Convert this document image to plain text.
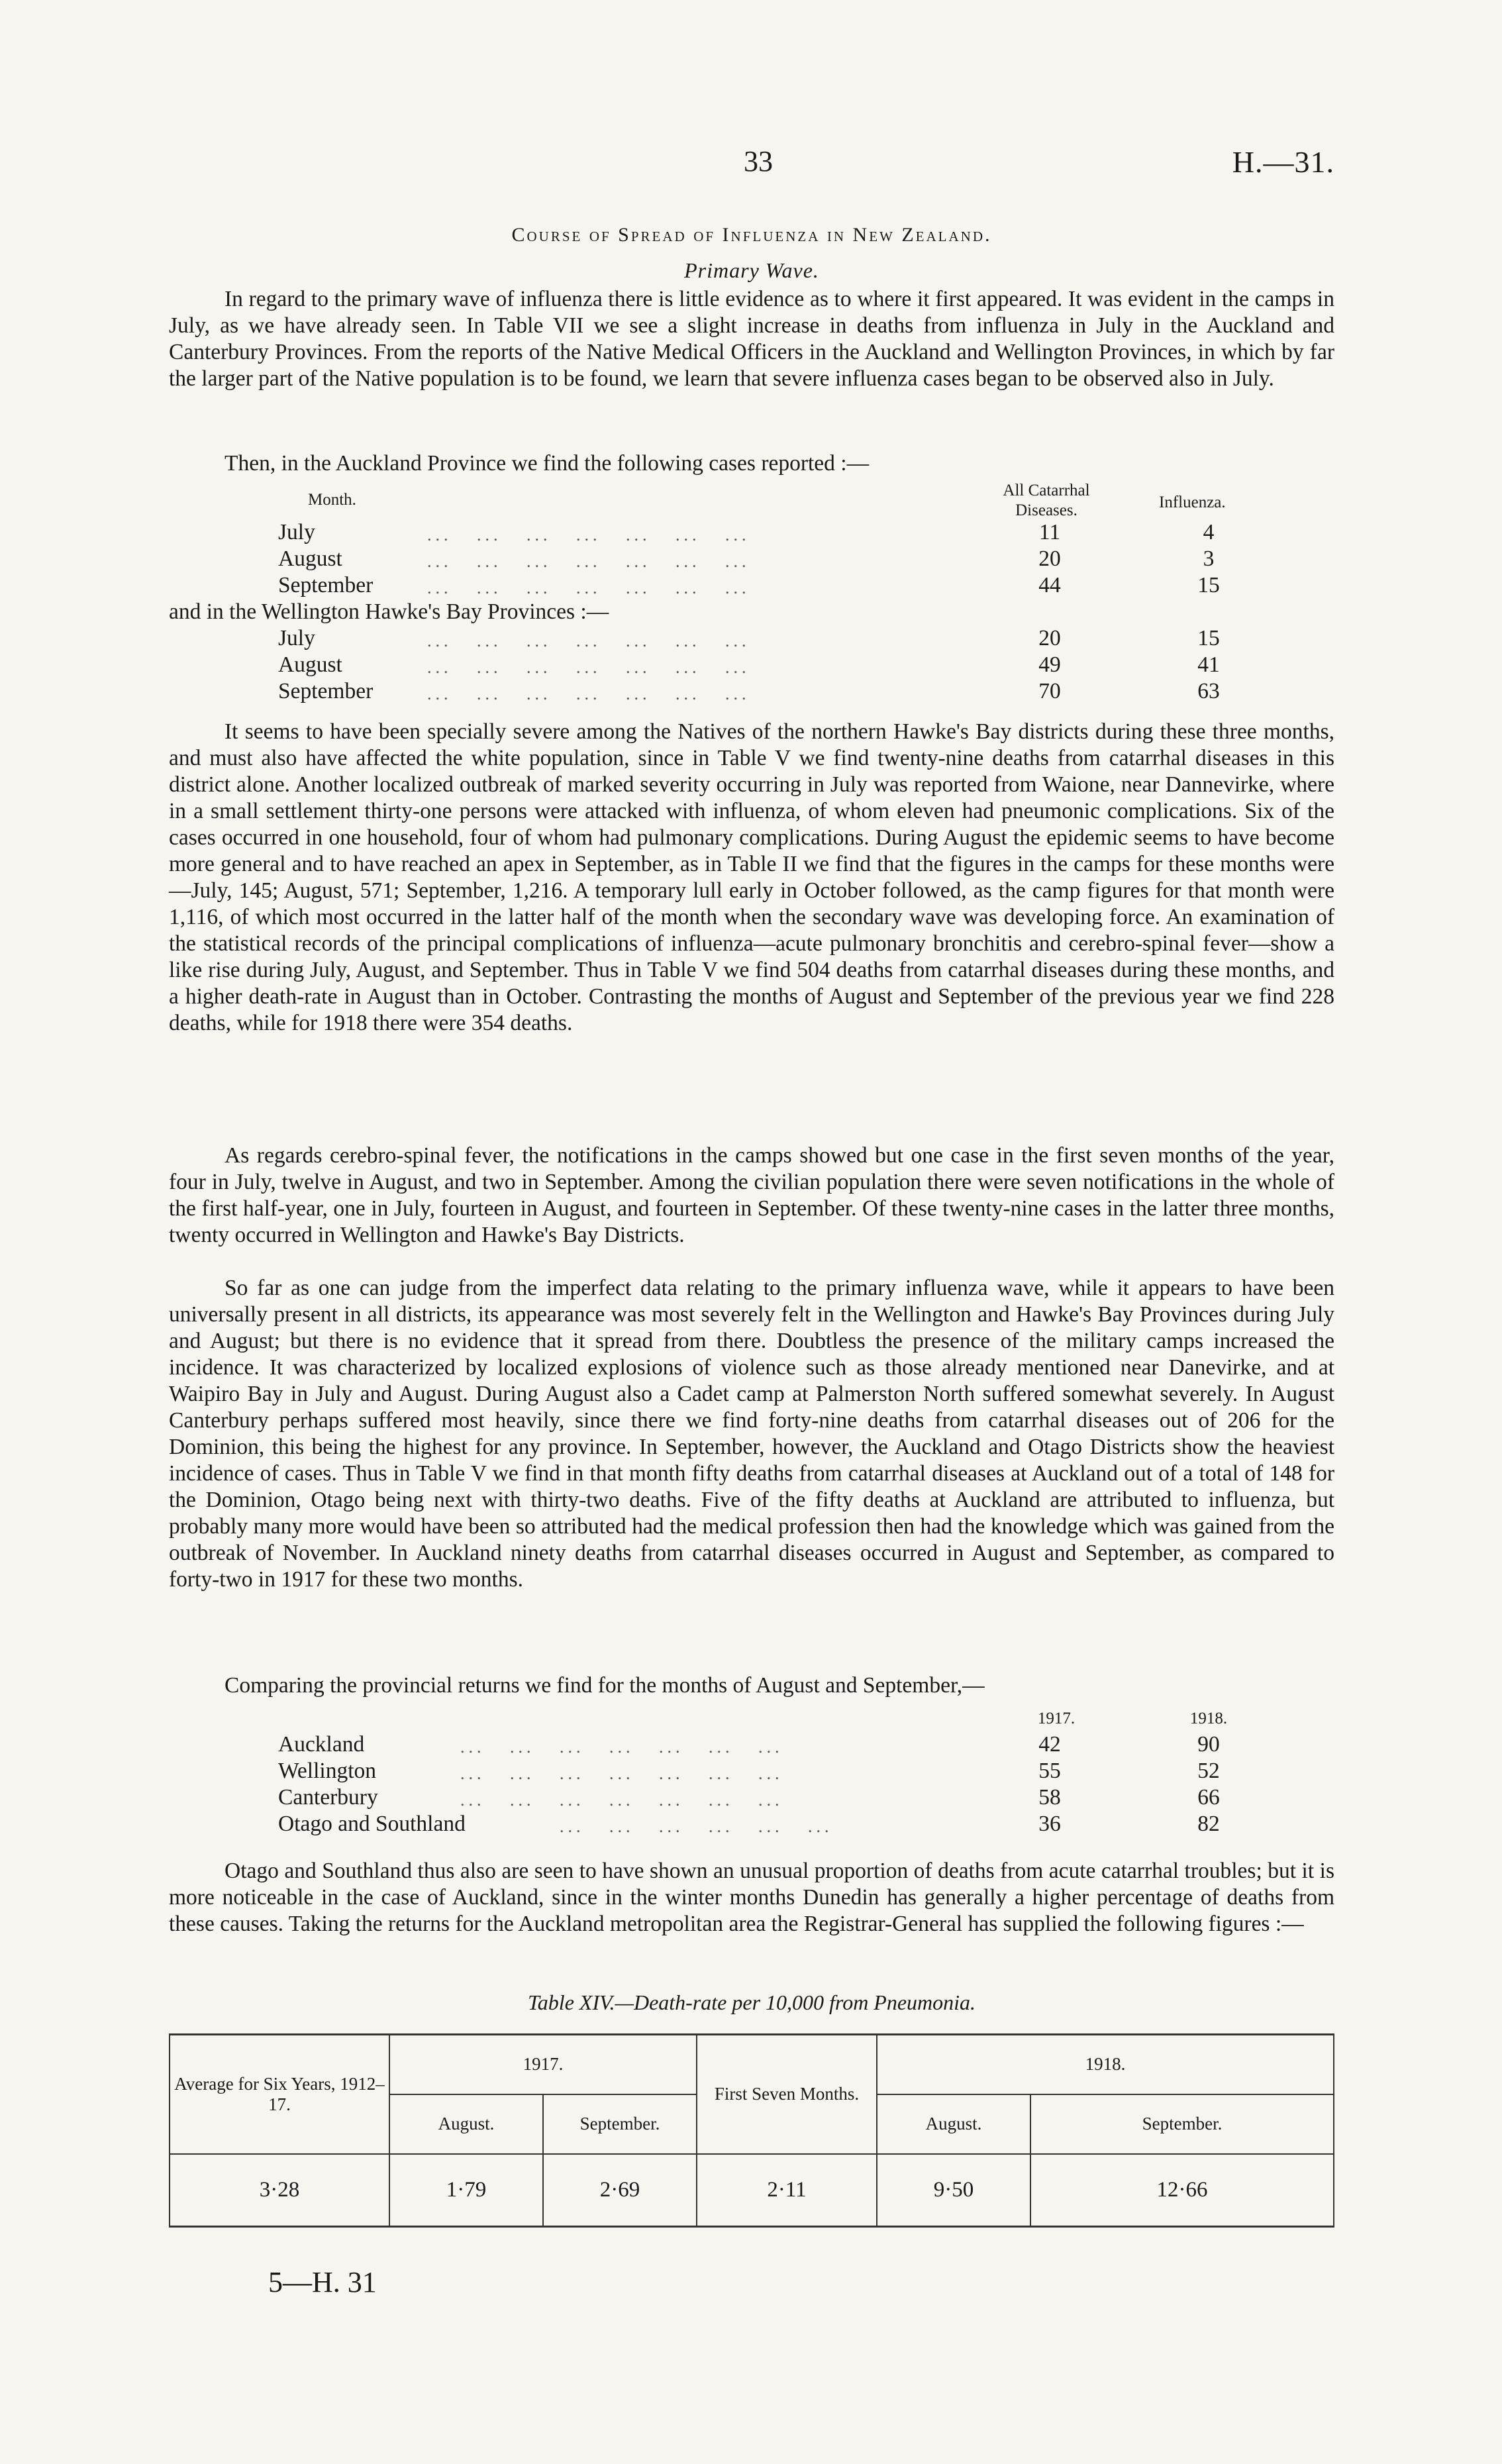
33	H.—31.
Course of Spread of Influenza in New Zealand.
Primary Wave.
In regard to the primary wave of influenza there is little evidence as to where it first appeared. It was evident in the camps in July, as we have already seen. In Table VII we see a slight increase in deaths from influenza in July in the Auckland and Canterbury Provinces. From the reports of the Native Medical Officers in the Auckland and Wellington Provinces, in which by far the larger part of the Native population is to be found, we learn that severe influenza cases began to be observed also in July.
Then, in the Auckland Province we find the following cases reported :—
Month.
All Catarrhal Diseases.	Influenza.
July	...   ...   ...   ...   ...   ...   ...	11	4
August	...   ...   ...   ...   ...   ...   ...	20	3
September	...   ...   ...   ...   ...   ...   ...	44	15
and in the Wellington Hawke's Bay Provinces :—
July	...   ...   ...   ...   ...   ...   ...	20	15
August	...   ...   ...   ...   ...   ...   ...	49	41
September	...   ...   ...   ...   ...   ...   ...	70	63
It seems to have been specially severe among the Natives of the northern Hawke's Bay districts during these three months, and must also have affected the white population, since in Table V we find twenty-nine deaths from catarrhal diseases in this district alone. Another localized outbreak of marked severity occurring in July was reported from Waione, near Dannevirke, where in a small settlement thirty-one persons were attacked with influenza, of whom eleven had pneumonic complications. Six of the cases occurred in one household, four of whom had pulmonary complications. During August the epidemic seems to have become more general and to have reached an apex in September, as in Table II we find that the figures in the camps for these months were—July, 145; August, 571; September, 1,216. A temporary lull early in October followed, as the camp figures for that month were 1,116, of which most occurred in the latter half of the month when the secondary wave was developing force. An examination of the statistical records of the principal complications of influenza—acute pulmonary bronchitis and cerebro-spinal fever—show a like rise during July, August, and September. Thus in Table V we find 504 deaths from catarrhal diseases during these months, and a higher death-rate in August than in October. Contrasting the months of August and September of the previous year we find 228 deaths, while for 1918 there were 354 deaths.
As regards cerebro-spinal fever, the notifications in the camps showed but one case in the first seven months of the year, four in July, twelve in August, and two in September. Among the civilian population there were seven notifications in the whole of the first half-year, one in July, fourteen in August, and fourteen in September. Of these twenty-nine cases in the latter three months, twenty occurred in Wellington and Hawke's Bay Districts.
So far as one can judge from the imperfect data relating to the primary influenza wave, while it appears to have been universally present in all districts, its appearance was most severely felt in the Wellington and Hawke's Bay Provinces during July and August; but there is no evidence that it spread from there. Doubtless the presence of the military camps increased the incidence. It was characterized by localized explosions of violence such as those already mentioned near Danevirke, and at Waipiro Bay in July and August. During August also a Cadet camp at Palmerston North suffered somewhat severely. In August Canterbury perhaps suffered most heavily, since there we find forty-nine deaths from catarrhal diseases out of 206 for the Dominion, this being the highest for any province. In September, however, the Auckland and Otago Districts show the heaviest incidence of cases. Thus in Table V we find in that month fifty deaths from catarrhal diseases at Auckland out of a total of 148 for the Dominion, Otago being next with thirty-two deaths. Five of the fifty deaths at Auckland are attributed to influenza, but probably many more would have been so attributed had the medical profession then had the knowledge which was gained from the outbreak of November. In Auckland ninety deaths from catarrhal diseases occurred in August and September, as compared to forty-two in 1917 for these two months.
Comparing the provincial returns we find for the months of August and September,—
1917.	1918.
Auckland	...   ...   ...   ...   ...   ...   ...	42	90
Wellington	...   ...   ...   ...   ...   ...   ...	55	52
Canterbury	...   ...   ...   ...   ...   ...   ...	58	66
Otago and Southland	...   ...   ...   ...   ...   ...	36	82
Otago and Southland thus also are seen to have shown an unusual proportion of deaths from acute catarrhal troubles; but it is more noticeable in the case of Auckland, since in the winter months Dunedin has generally a higher percentage of deaths from these causes. Taking the returns for the Auckland metropolitan area the Registrar-General has supplied the following figures :—
Table XIV.—Death-rate per 10,000 from Pneumonia.
Average for Six Years, 1912–17.	1917.		First Seven Months.	1918.	
	August.	September.		August.	September.
3·28	1·79	2·69	2·11	9·50	12·66
5—H. 31
